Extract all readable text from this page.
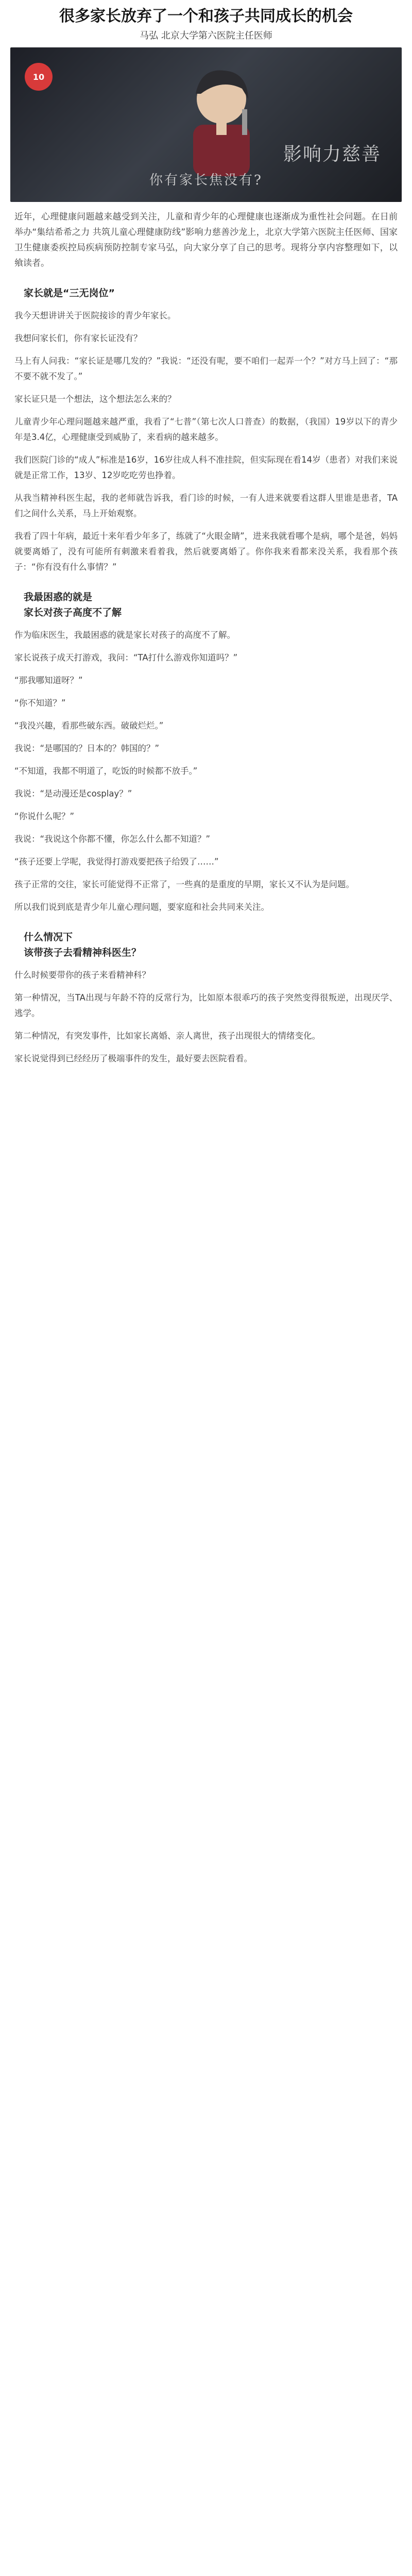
很多家长放弃了一个和孩子共同成长的机会
马弘 北京大学第六医院主任医师
10
影响力慈善
你有家长焦没有?

近年，心理健康问题越来越受到关注，儿童和青少年的心理健康也逐渐成为重性社会问题。在日前举办“集结希希之力 共筑儿童心理健康防线”影响力慈善沙龙上，北京大学第六医院主任医师、国家卫生健康委疾控局疾病预防控制专家马弘，向大家分享了自己的思考。现将分享内容整理如下，以飨读者。

家长就是“三无岗位”

我今天想讲讲关于医院接诊的青少年家长。

我想问家长们，你有家长证没有？

马上有人问我：“家长证是哪几发的？”我说：“还没有呢，要不咱们一起弄一个？”对方马上回了：“那不要不就不发了。”

家长证只是一个想法，这个想法怎么来的？

儿童青少年心理问题越来越严重，我看了“七普”（第七次人口普查）的数据，（我国）19岁以下的青少年是3.4亿，心理健康受到威胁了，来看病的越来越多。

我们医院门诊的“成人”标准是16岁，16岁往成人科不准挂院，但实际现在看14岁（患者）对我们来说就是正常工作，13岁、12岁吃吃劳也挣着。

从我当精神科医生起，我的老师就告诉我，看门诊的时候，一有人进来就要看这群人里谁是患者，TA们之间什么关系，马上开始观察。

我看了四十年病，最近十来年看少年多了，练就了“火眼金睛”，进来我就看哪个是病，哪个是爸，妈妈就要离婚了，没有可能所有刺激来看着我，然后就要离婚了。你你我来看都来没关系，我看那个孩子：“你有没有什么事情？”

我最困惑的就是
家长对孩子高度不了解

作为临床医生，我最困惑的就是家长对孩子的高度不了解。

家长说孩子成天打游戏，我问：“TA打什么游戏你知道吗？”

“那我哪知道呀？”

“你不知道？”

“我没兴趣，看那些破东西。破破烂烂。”

我说：“是哪国的？日本的？韩国的？”

“不知道，我都不明道了，吃饭的时候都不放手。”

我说：“是动漫还是cosplay？”

“你说什么呢？”

我说：“我说这个你都不懂，你怎么什么都不知道？”

“孩子还要上学呢，我觉得打游戏要把孩子给毁了……”

孩子正常的交往，家长可能觉得不正常了，一些真的是重度的早期，家长又不认为是问题。

所以我们说到底是青少年儿童心理问题，要家庭和社会共同来关注。

什么情况下
该带孩子去看精神科医生？

什么时候要带你的孩子来看精神科？

第一种情况，当TA出现与年龄不符的反常行为，比如原本很乖巧的孩子突然变得很叛逆，出现厌学、逃学。

第二种情况，有突发事件，比如家长离婚、亲人离世，孩子出现很大的情绪变化。

家长说觉得到已经经历了极端事件的发生，最好要去医院看看。
